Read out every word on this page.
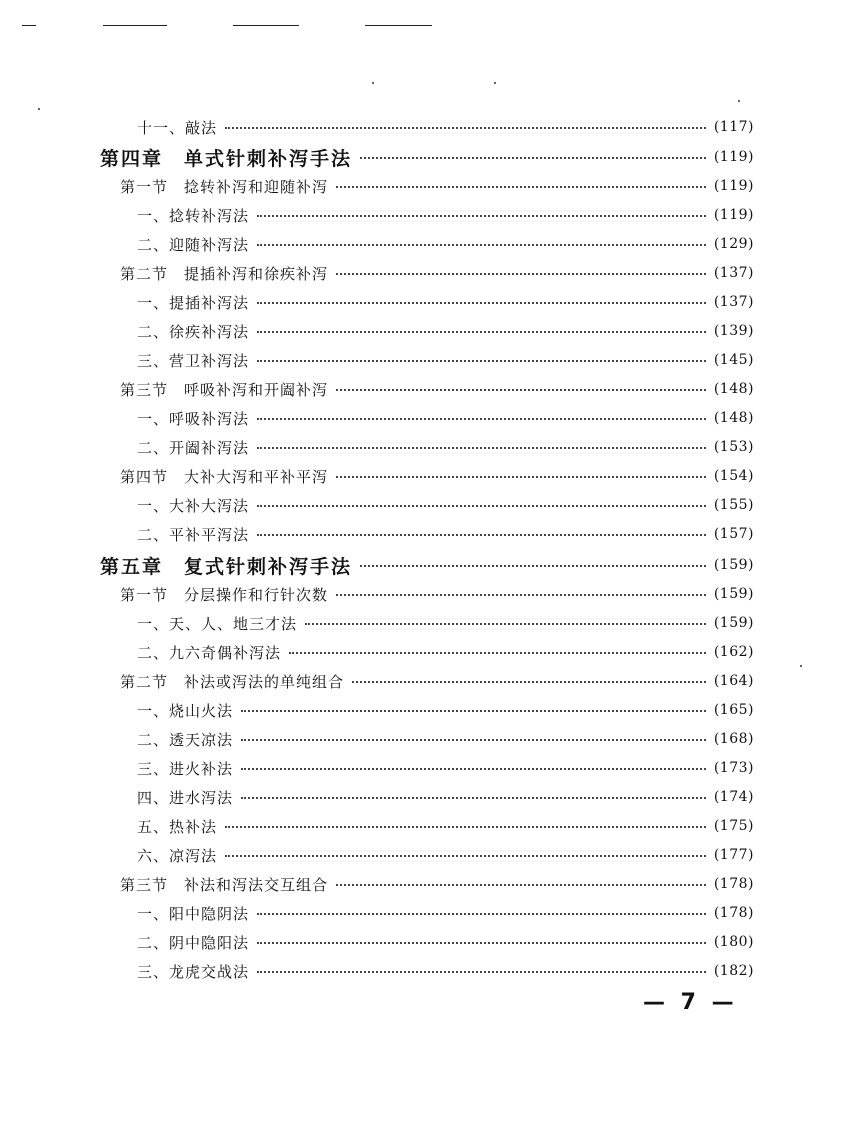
十一、敲法	(117)
第四章　单式针刺补泻手法	(119)
第一节　捻转补泻和迎随补泻	(119)
一、捻转补泻法	(119)
二、迎随补泻法	(129)
第二节　提插补泻和徐疾补泻	(137)
一、提插补泻法	(137)
二、徐疾补泻法	(139)
三、营卫补泻法	(145)
第三节　呼吸补泻和开阖补泻	(148)
一、呼吸补泻法	(148)
二、开阖补泻法	(153)
第四节　大补大泻和平补平泻	(154)
一、大补大泻法	(155)
二、平补平泻法	(157)
第五章　复式针刺补泻手法	(159)
第一节　分层操作和行针次数	(159)
一、天、人、地三才法	(159)
二、九六奇偶补泻法	(162)
第二节　补法或泻法的单纯组合	(164)
一、烧山火法	(165)
二、透天凉法	(168)
三、进火补法	(173)
四、进水泻法	(174)
五、热补法	(175)
六、凉泻法	(177)
第三节　补法和泻法交互组合	(178)
一、阳中隐阴法	(178)
二、阴中隐阳法	(180)
三、龙虎交战法	(182)
— 7 —
